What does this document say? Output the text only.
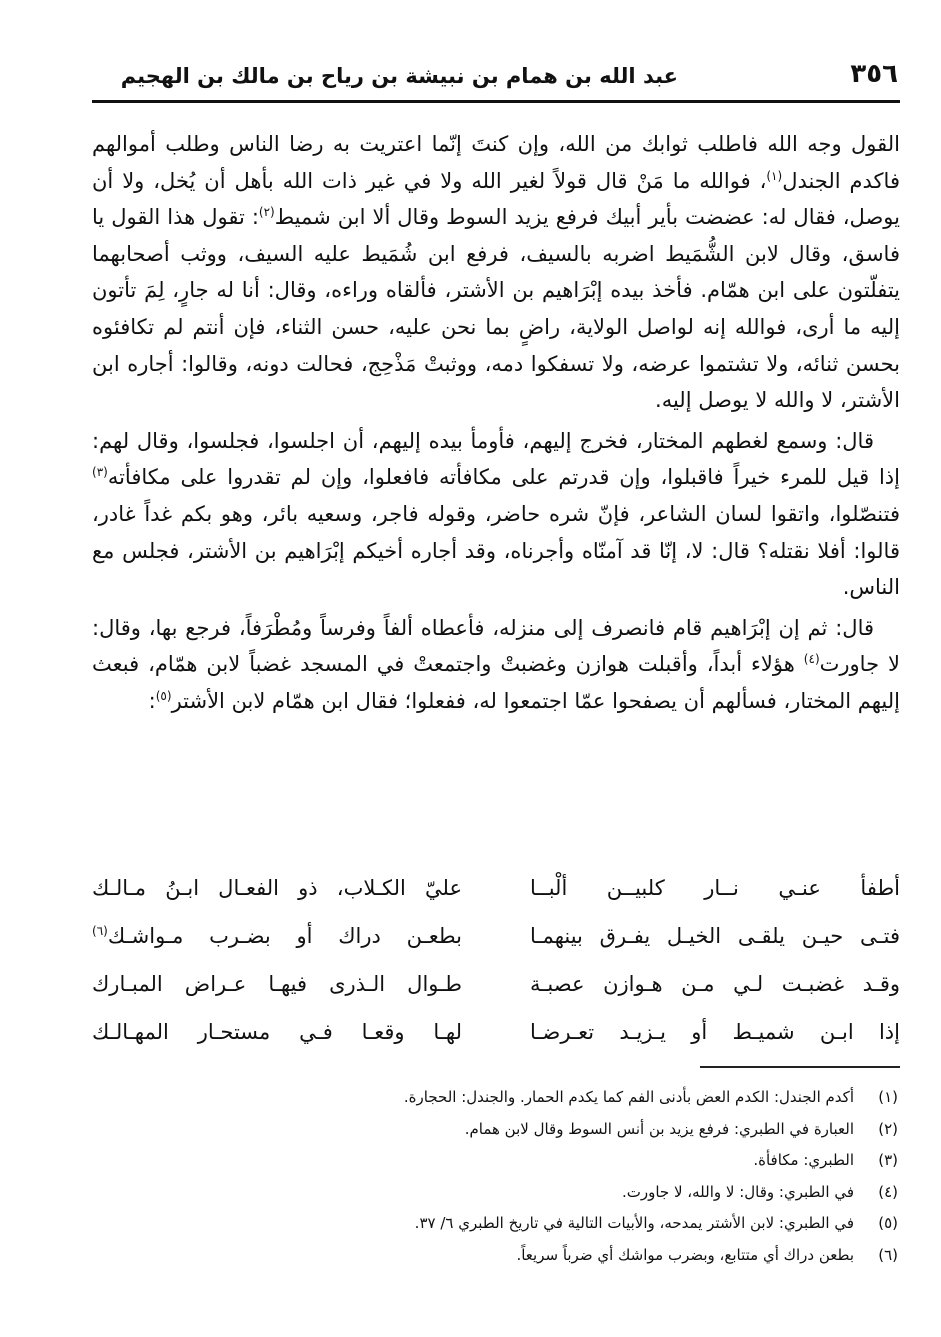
٣٥٦
عبد الله بن همام بن نبيشة بن رياح بن مالك بن الهجيم

القول وجه الله فاطلب ثوابك من الله، وإن كنتَ إنّما اعتريت به رضا الناس وطلب أموالهم فاكدم الجندل$^{(١)}$، فوالله ما مَنْ قال قولاً لغير الله ولا في غير ذات الله بأهل أن يُخل، ولا أن يوصل، فقال له: عضضت بأير أبيك فرفع يزيد السوط وقال ألا ابن شميط$^{(٢)}$: تقول هذا القول يا فاسق، وقال لابن الشُّمَيط اضربه بالسيف، فرفع ابن شُمَيط عليه السيف، ووثب أصحابهما يتفلّتون على ابن همّام. فأخذ بيده إبْرَاهيم بن الأشتر، فألقاه وراءه، وقال: أنا له جارٍ، لِمَ تأتون إليه ما أرى، فوالله إنه لواصل الولاية، راضٍ بما نحن عليه، حسن الثناء، فإن أنتم لم تكافئوه بحسن ثنائه، ولا تشتموا عرضه، ولا تسفكوا دمه، ووثبتْ مَذْحِج، فحالت دونه، وقالوا: أجاره ابن الأشتر، لا والله لا يوصل إليه.

قال: وسمع لغطهم المختار، فخرج إليهم، فأومأ بيده إليهم، أن اجلسوا، فجلسوا، وقال لهم: إذا قيل للمرء خيراً فاقبلوا، وإن قدرتم على مكافأته فافعلوا، وإن لم تقدروا على مكافأته$^{(٣)}$ فتنصّلوا، واتقوا لسان الشاعر، فإنّ شره حاضر، وقوله فاجر، وسعيه بائر، وهو بكم غداً غادر، قالوا: أفلا نقتله؟ قال: لا، إنّا قد آمنّاه وأجرناه، وقد أجاره أخيكم إبْرَاهيم بن الأشتر، فجلس مع الناس.

قال: ثم إن إبْرَاهيم قام فانصرف إلى منزله، فأعطاه ألفاً وفرساً ومُطْرَفاً، فرجع بها، وقال: لا جاورت$^{(٤)}$ هؤلاء أبداً، وأقبلت هوازن وغضبتْ واجتمعتْ في المسجد غضباً لابن همّام، فبعث إليهم المختار، فسألهم أن يصفحوا عمّا اجتمعوا له، ففعلوا؛ فقال ابن همّام لابن الأشتر$^{(٥)}$:

أطفأ عنـي نــار كلبيــن ألْبــا
عليّ الكـلاب، ذو الفعـال ابـنُ مـالـك
فتـى حيـن يلقـى الخيـل يفـرق بينهمـا
بطعـن دراك أو بضـرب مـواشـك$^{(٦)}$
وقـد غضبـت لـي مـن هـوازن عصبـة
طـوال الـذرى فيهـا عـراض المبـارك
إذا ابـن شميـط أو يـزيـد تعـرضـا
لهـا وقعـا فـي مستحـار المهـالـك
(١)
أكدم الجندل: الكدم العض بأدنى الفم كما يكدم الحمار. والجندل: الحجارة.
(٢)
العبارة في الطبري: فرفع يزيد بن أنس السوط وقال لابن همام.
(٣)
الطبري: مكافأة.
(٤)
في الطبري: وقال: لا والله، لا جاورت.
(٥)
في الطبري: لابن الأشتر يمدحه، والأبيات التالية في تاريخ الطبري ٦/ ٣٧.
(٦)
بطعن دراك أي متتابع، وبضرب مواشك أي ضرباً سريعاً.
